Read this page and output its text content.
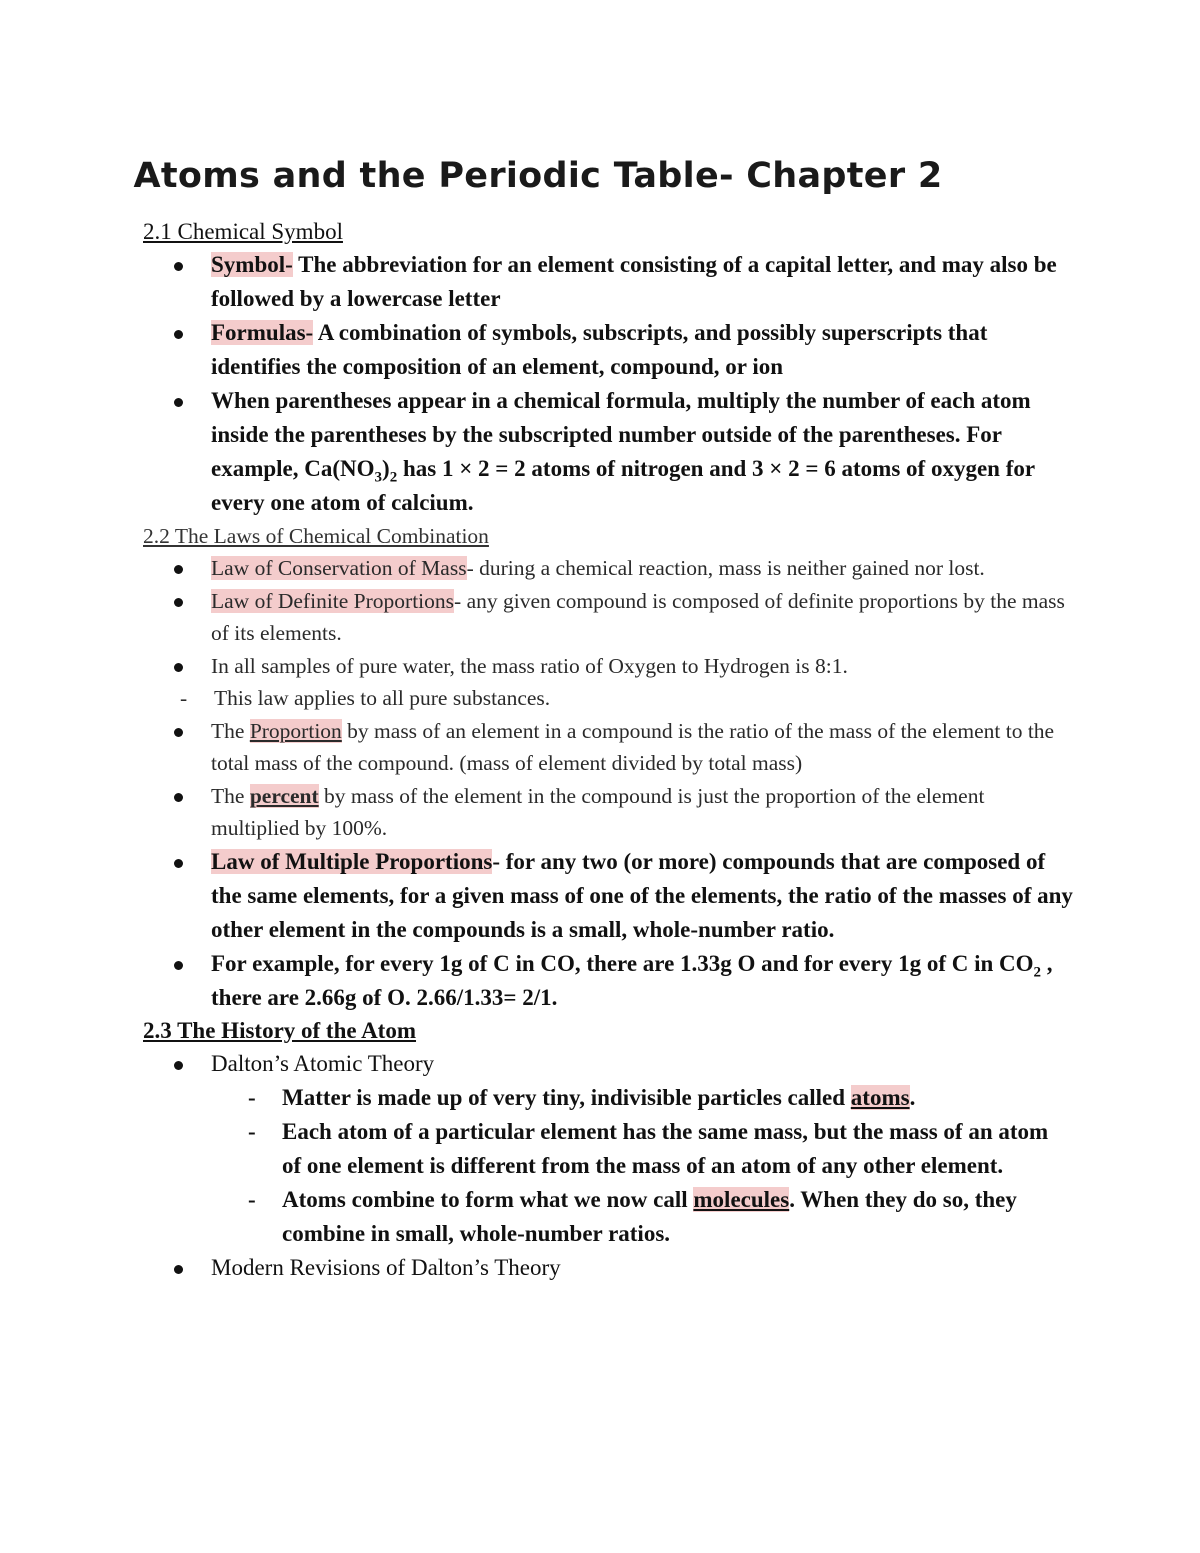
Atoms and the Periodic Table- Chapter 2
2.1 Chemical Symbol
Symbol- The abbreviation for an element consisting of a capital letter, and may also be followed by a lowercase letter
Formulas- A combination of symbols, subscripts, and possibly superscripts that identifies the composition of an element, compound, or ion
When parentheses appear in a chemical formula, multiply the number of each atom inside the parentheses by the subscripted number outside of the parentheses. For example, $Ca(NO_3)_2$ has 1 × 2 = 2 atoms of nitrogen and 3 × 2 = 6 atoms of oxygen for every one atom of calcium.
2.2 The Laws of Chemical Combination
Law of Conservation of Mass- during a chemical reaction, mass is neither gained nor lost.
Law of Definite Proportions- any given compound is composed of definite proportions by the mass of its elements.
In all samples of pure water, the mass ratio of Oxygen to Hydrogen is 8:1.
- This law applies to all pure substances.
The Proportion by mass of an element in a compound is the ratio of the mass of the element to the total mass of the compound. (mass of element divided by total mass)
The percent by mass of the element in the compound is just the proportion of the element multiplied by 100%.
Law of Multiple Proportions- for any two (or more) compounds that are composed of the same elements, for a given mass of one of the elements, the ratio of the masses of any other element in the compounds is a small, whole-number ratio.
For example, for every 1g of C in CO, there are 1.33g O and for every 1g of C in $CO_2$ , there are 2.66g of O. 2.66/1.33= 2/1.
2.3 The History of the Atom
Dalton’s Atomic Theory
- Matter is made up of very tiny, indivisible particles called atoms.
- Each atom of a particular element has the same mass, but the mass of an atom of one element is different from the mass of an atom of any other element.
- Atoms combine to form what we now call molecules. When they do so, they combine in small, whole-number ratios.
Modern Revisions of Dalton’s Theory
